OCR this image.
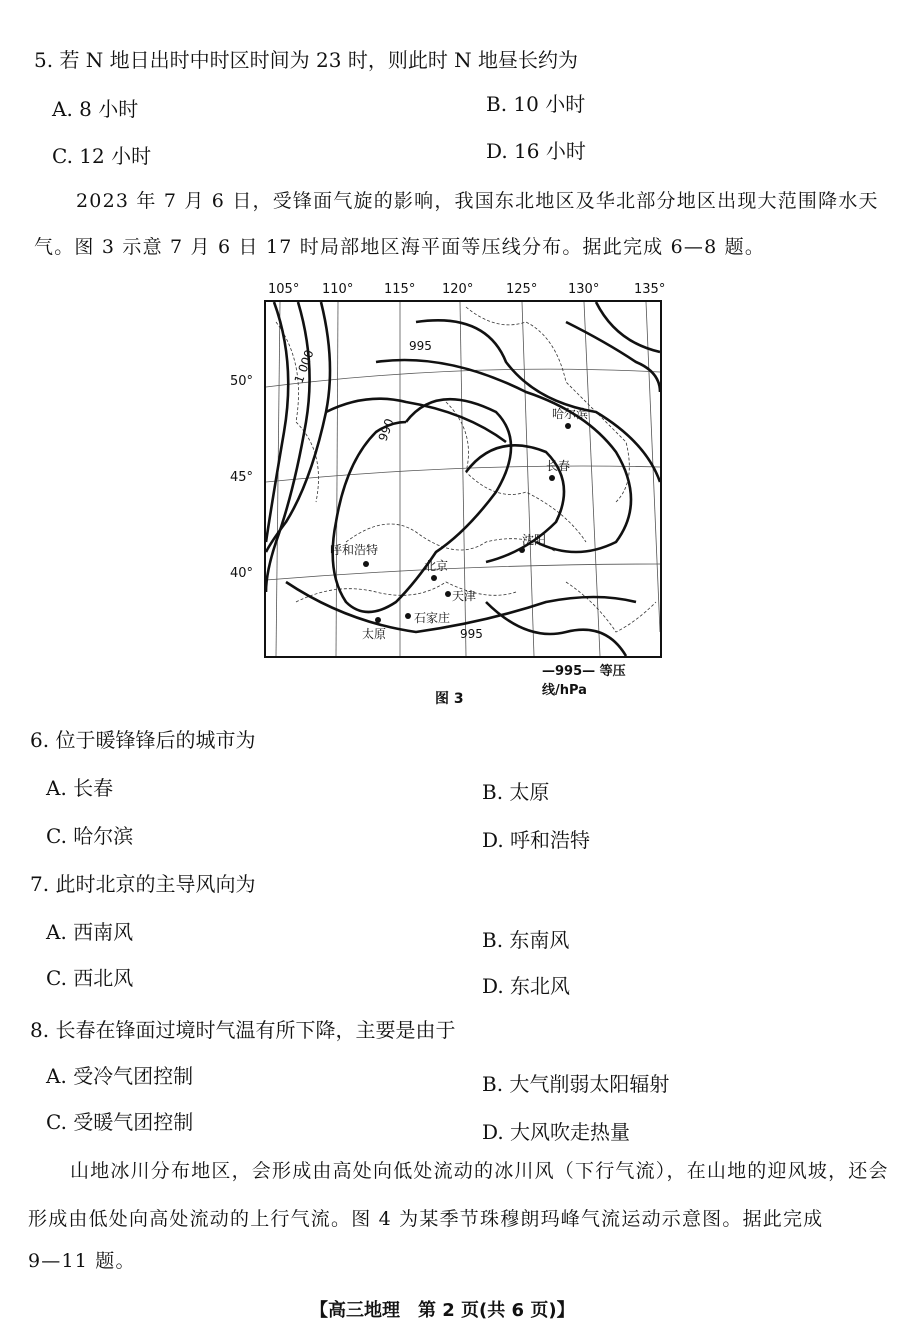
5. 若 N 地日出时中时区时间为 23 时，则此时 N 地昼长约为
A. 8 小时	B. 10 小时
C. 12 小时	D. 16 小时
2023 年 7 月 6 日，受锋面气旋的影响，我国东北地区及华北部分地区出现大范围降水天
气。图 3 示意 7 月 6 日 17 时局部地区海平面等压线分布。据此完成 6—8 题。
105° 110° 115° 120°	125° 130°	135°
50°
45°
40°
995
1 000
990
995
哈尔滨
长春
沈阳
呼和浩特
北京
天津
太原
石家庄
—995— 等压线/hPa
图 3
6. 位于暖锋锋后的城市为
A. 长春	B. 太原
C. 哈尔滨	D. 呼和浩特
7. 此时北京的主导风向为
A. 西南风	B. 东南风
C. 西北风	D. 东北风
8. 长春在锋面过境时气温有所下降，主要是由于
A. 受冷气团控制	B. 大气削弱太阳辐射
C. 受暖气团控制	D. 大风吹走热量
山地冰川分布地区，会形成由高处向低处流动的冰川风（下行气流），在山地的迎风坡，还会
形成由低处向高处流动的上行气流。图 4 为某季节珠穆朗玛峰气流运动示意图。据此完成
9—11 题。
【高三地理　第 2 页(共 6 页)】
